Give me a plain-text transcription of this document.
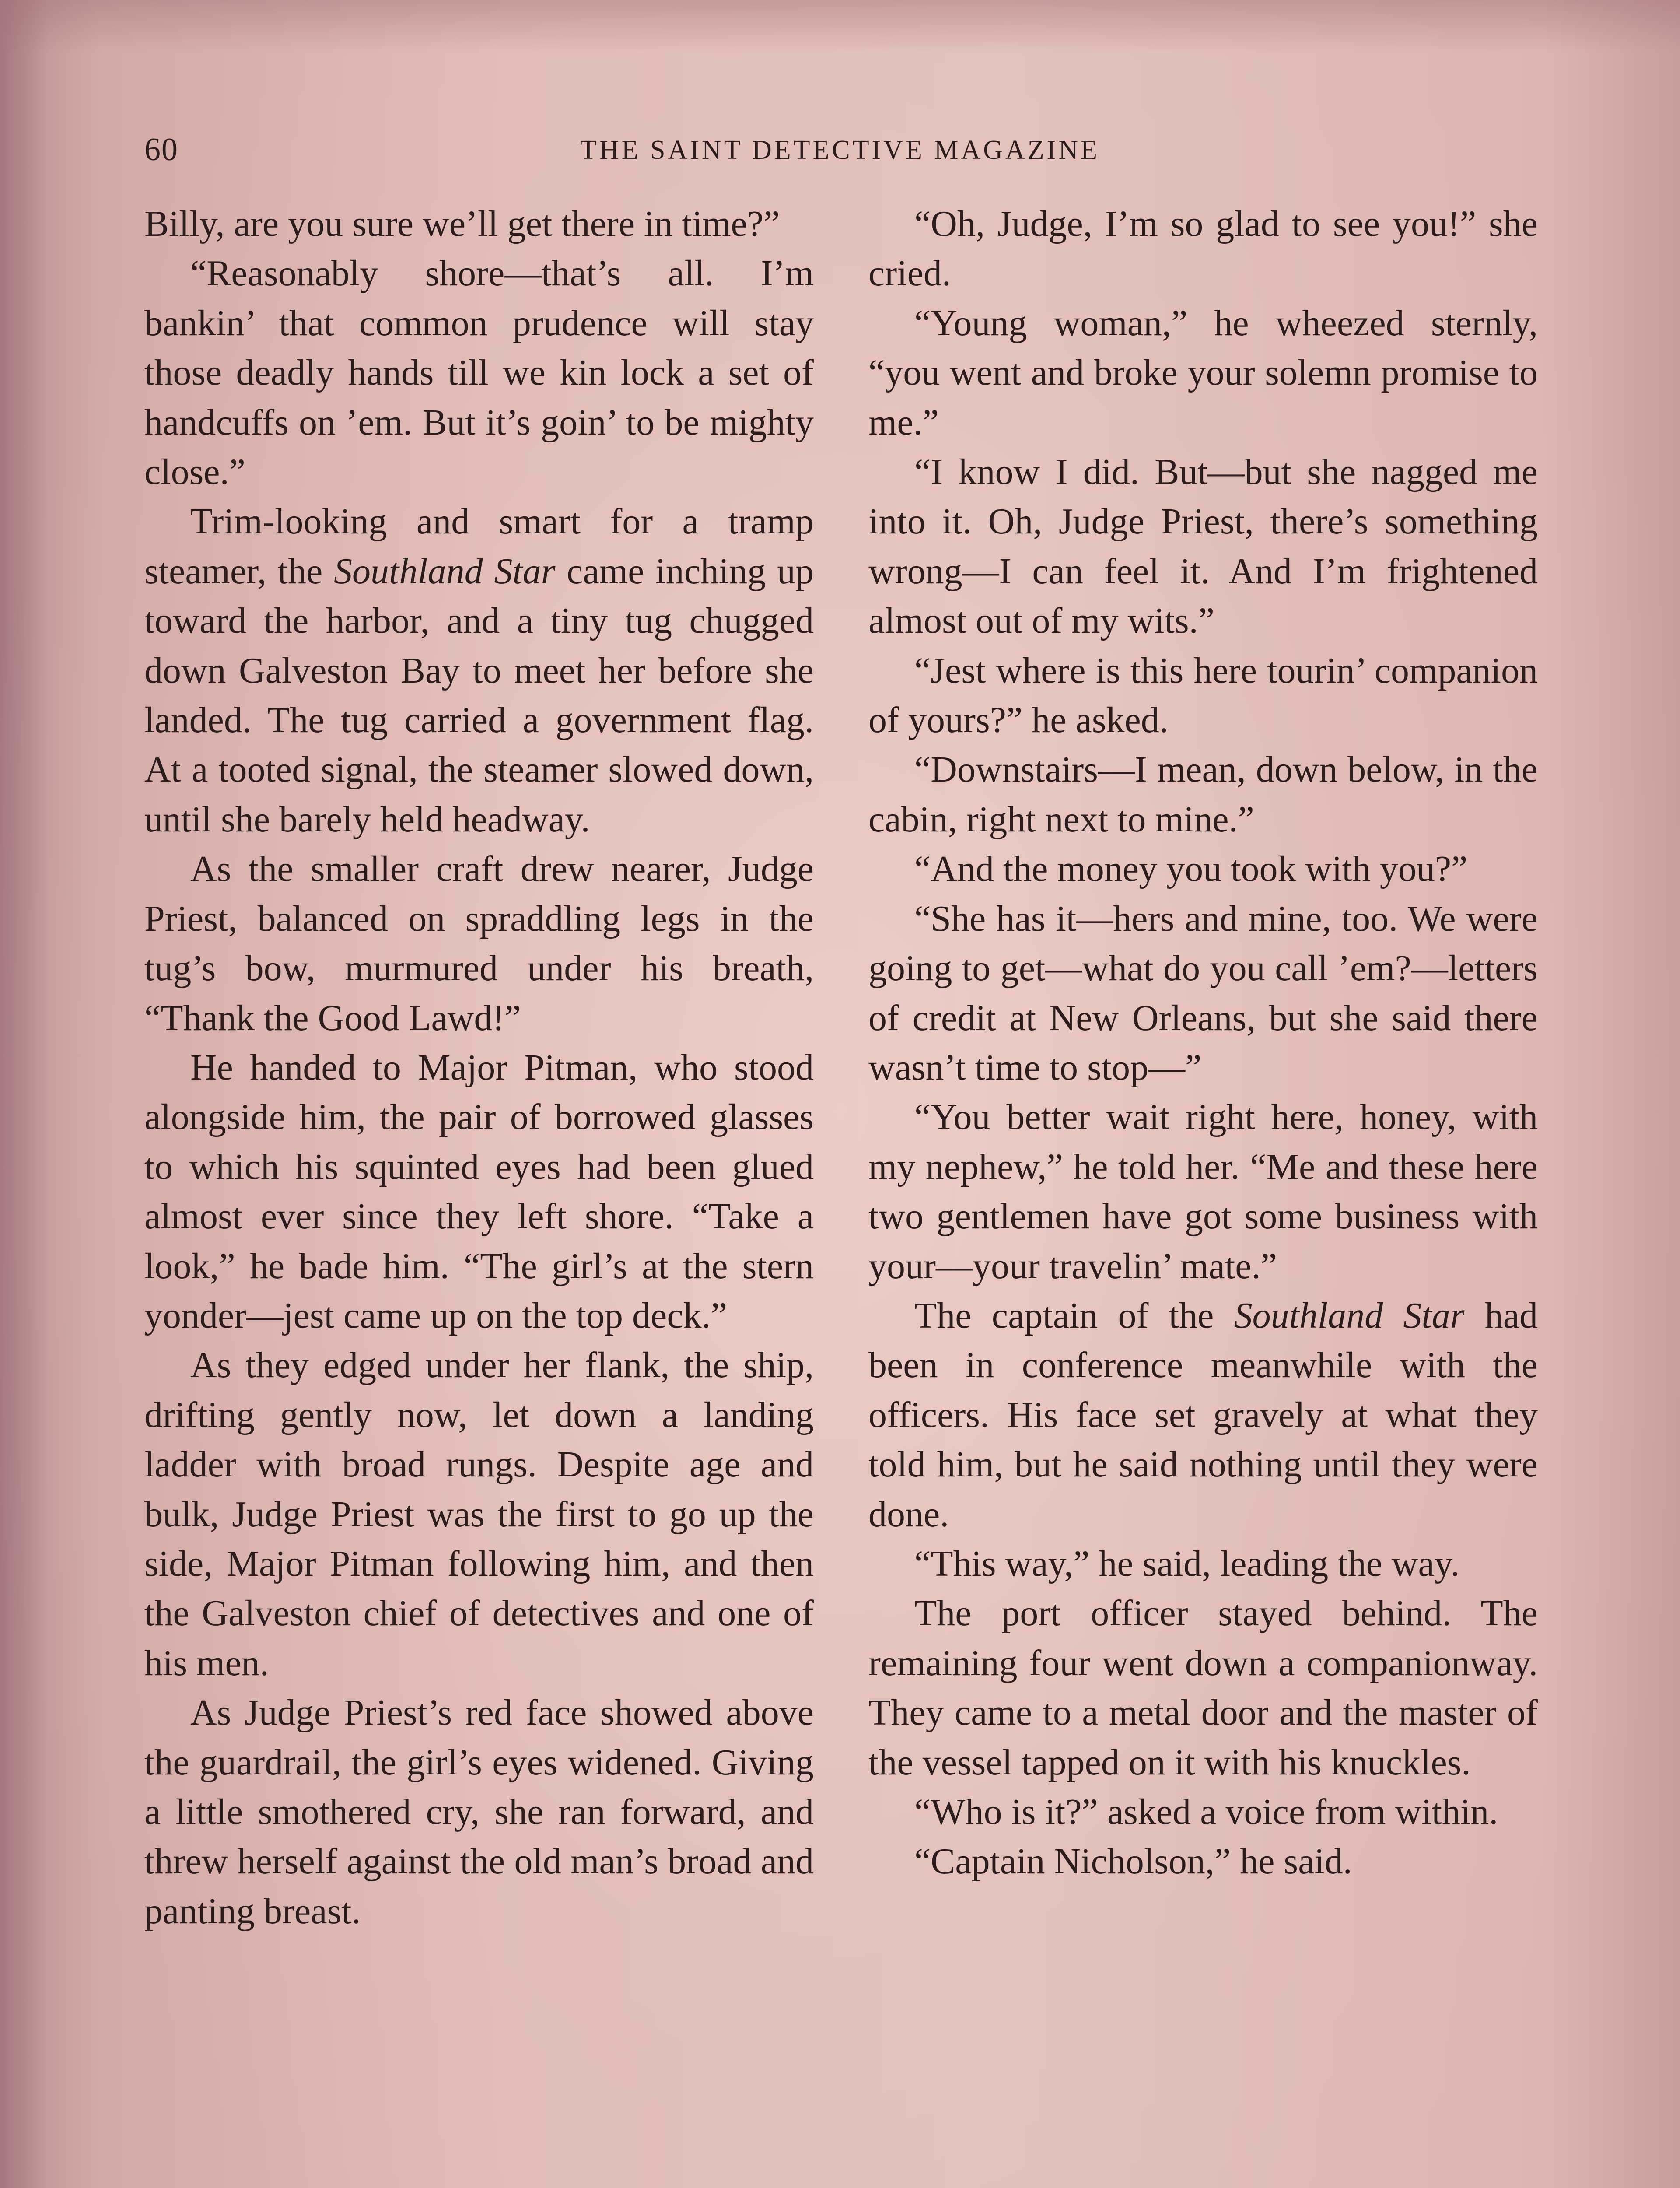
60	THE SAINT DETECTIVE MAGAZINE

Billy, are you sure we’ll get there in time?”

“Reasonably shore—that’s all. I’m bankin’ that common prudence will stay those deadly hands till we kin lock a set of handcuffs on ’em. But it’s goin’ to be mighty close.”

Trim-looking and smart for a tramp steamer, the Southland Star came inching up toward the harbor, and a tiny tug chugged down Galveston Bay to meet her before she landed. The tug carried a government flag. At a tooted signal, the steamer slowed down, until she barely held headway.

As the smaller craft drew nearer, Judge Priest, balanced on spraddling legs in the tug’s bow, murmured under his breath, “Thank the Good Lawd!”

He handed to Major Pitman, who stood alongside him, the pair of borrowed glasses to which his squinted eyes had been glued almost ever since they left shore. “Take a look,” he bade him. “The girl’s at the stern yonder—jest came up on the top deck.”

As they edged under her flank, the ship, drifting gently now, let down a landing ladder with broad rungs. Despite age and bulk, Judge Priest was the first to go up the side, Major Pitman following him, and then the Galveston chief of detectives and one of his men.

As Judge Priest’s red face showed above the guardrail, the girl’s eyes widened. Giving a little smothered cry, she ran forward, and threw herself against the old man’s broad and panting breast.

“Oh, Judge, I’m so glad to see you!” she cried.

“Young woman,” he wheezed sternly, “you went and broke your solemn promise to me.”

“I know I did. But—but she nagged me into it. Oh, Judge Priest, there’s something wrong—I can feel it. And I’m frightened almost out of my wits.”

“Jest where is this here tourin’ companion of yours?” he asked.

“Downstairs—I mean, down below, in the cabin, right next to mine.”

“And the money you took with you?”

“She has it—hers and mine, too. We were going to get—what do you call ’em?—letters of credit at New Orleans, but she said there wasn’t time to stop—”

“You better wait right here, honey, with my nephew,” he told her. “Me and these here two gentlemen have got some business with your—your travelin’ mate.”

The captain of the Southland Star had been in conference meanwhile with the officers. His face set gravely at what they told him, but he said nothing until they were done.

“This way,” he said, leading the way.

The port officer stayed behind. The remaining four went down a companionway. They came to a metal door and the master of the vessel tapped on it with his knuckles.

“Who is it?” asked a voice from within.

“Captain Nicholson,” he said.
